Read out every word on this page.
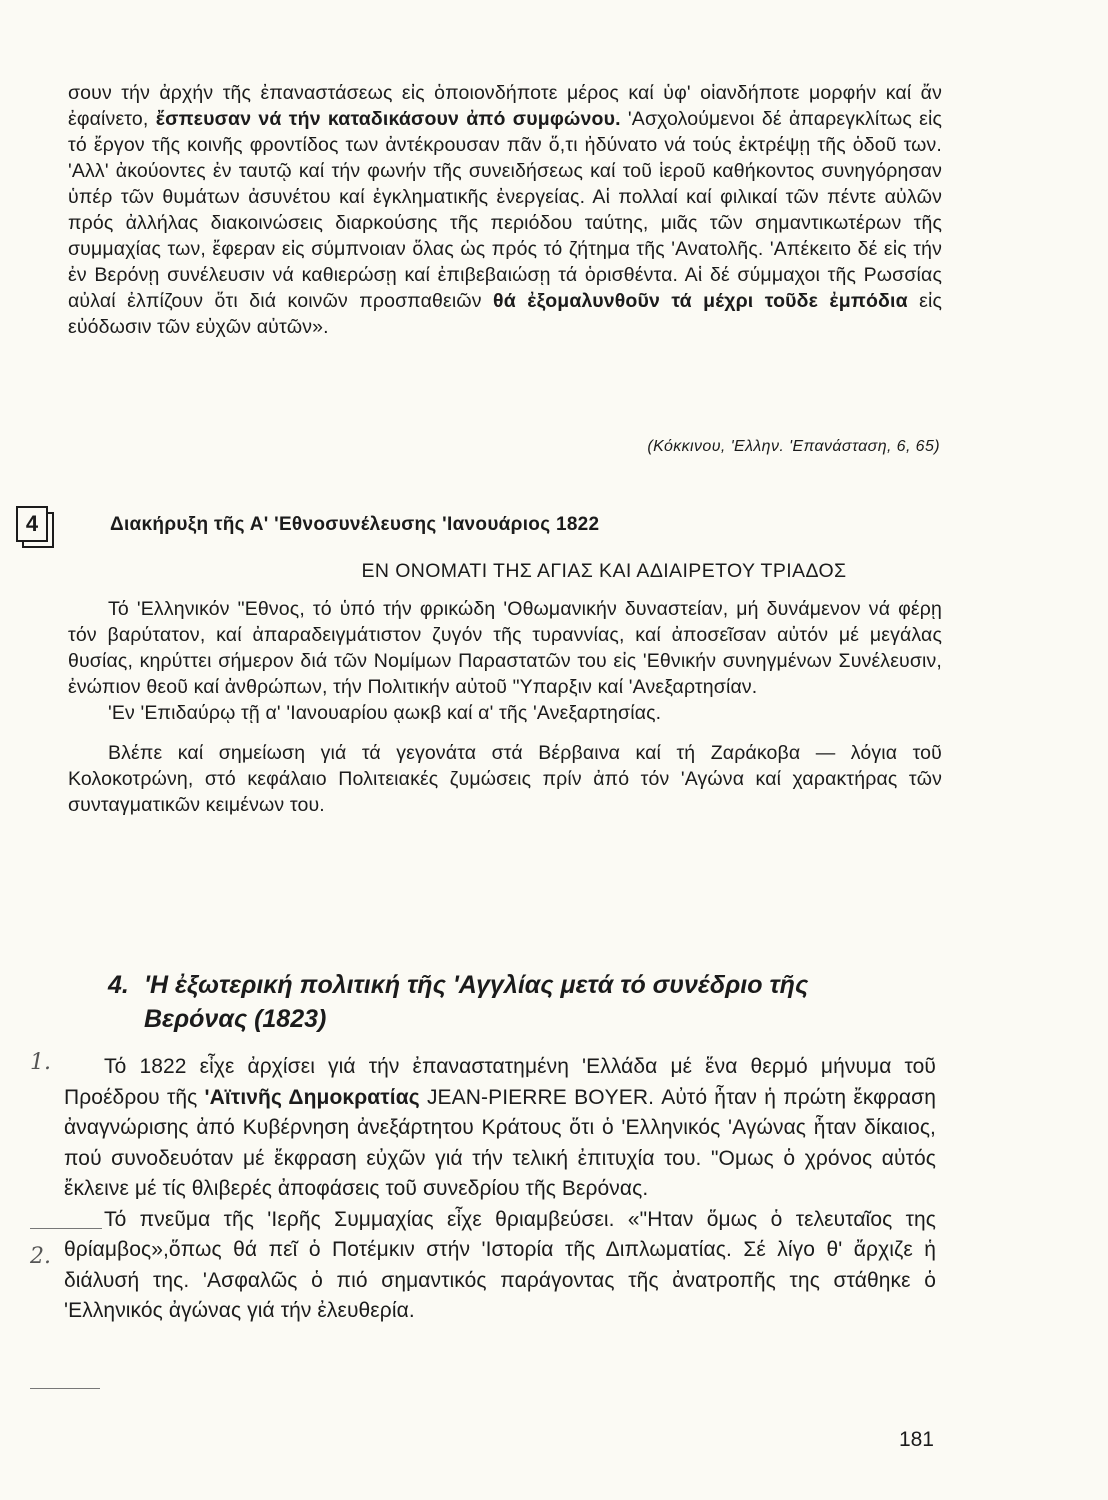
σουν τήν ἀρχήν τῆς ἐπαναστάσεως εἰς ὁποιονδήποτε μέρος καί ὑφ' οἱανδήποτε μορφήν καί ἄν ἐφαίνετο, ἔσπευσαν νά τήν καταδικάσουν ἀπό συμφώνου. 'Ασχολούμενοι δέ ἀπαρεγκλίτως εἰς τό ἔργον τῆς κοινῆς φροντίδος των ἀντέκρουσαν πᾶν ὅ,τι ἠδύνατο νά τούς ἐκτρέψῃ τῆς ὁδοῦ των. 'Αλλ' ἀκούοντες ἐν ταυτῷ καί τήν φωνήν τῆς συνειδήσεως καί τοῦ ἱεροῦ καθήκοντος συνηγόρησαν ὑπέρ τῶν θυμάτων ἀσυνέτου καί ἐγκληματικῆς ἐνεργείας. Αἱ πολλαί καί φιλικαί τῶν πέντε αὐλῶν πρός ἀλλήλας διακοινώσεις διαρκούσης τῆς περιόδου ταύτης, μιᾶς τῶν σημαντικωτέρων τῆς συμμαχίας των, ἔφεραν εἰς σύμπνοιαν ὅλας ὡς πρός τό ζήτημα τῆς 'Ανατολῆς. 'Απέκειτο δέ εἰς τήν ἐν Βερόνῃ συνέλευσιν νά καθιερώσῃ καί ἐπιβεβαιώσῃ τά ὁρισθέντα. Αἱ δέ σύμμαχοι τῆς Ρωσσίας αὐλαί ἐλπίζουν ὅτι διά κοινῶν προσπαθειῶν θά ἐξομαλυνθοῦν τά μέχρι τοῦδε ἐμπόδια εἰς εὐόδωσιν τῶν εὐχῶν αὐτῶν».

(Κόκκινου, 'Ελλην. 'Επανάσταση, 6, 65)
4	Διακήρυξη τῆς Α' 'Εθνοσυνέλευσης 'Ιανουάριος 1822
ΕΝ ΟΝΟΜΑΤΙ ΤΗΣ ΑΓΙΑΣ ΚΑΙ ΑΔΙΑΙΡΕΤΟΥ ΤΡΙΑΔΟΣ

Τό 'Ελληνικόν "Εθνος, τό ὑπό τήν φρικώδη 'Οθωμανικήν δυναστείαν, μή δυνάμενον νά φέρῃ τόν βαρύτατον, καί ἀπαραδειγμάτιστον ζυγόν τῆς τυραννίας, καί ἀποσεῖσαν αὐτόν μέ μεγάλας θυσίας, κηρύττει σήμερον διά τῶν Νομίμων Παραστατῶν του εἰς 'Εθνικήν συνηγμένων Συνέλευσιν, ἐνώπιον θεοῦ καί ἀνθρώπων, τήν Πολιτικήν αὐτοῦ "Υπαρξιν καί 'Ανεξαρτησίαν.

'Εν 'Επιδαύρῳ τῇ α' 'Ιανουαρίου ᾳωκβ καί α' τῆς 'Ανεξαρτησίας.

Βλέπε καί σημείωση γιά τά γεγονάτα στά Βέρβαινα καί τή Ζαράκοβα — λόγια τοῦ Κολοκοτρώνη, στό κεφάλαιο Πολιτειακές ζυμώσεις πρίν ἀπό τόν 'Αγώνα καί χαρακτήρας τῶν συνταγματικῶν κειμένων του.

4. 'Η ἐξωτερική πολιτική τῆς 'Αγγλίας μετά τό συνέδριο τῆς
Βερόνας (1823)

Τό 1822 εἶχε ἀρχίσει γιά τήν ἐπαναστατημένη 'Ελλάδα μέ ἕνα θερμό μήνυμα τοῦ Προέδρου τῆς 'Αϊτινῆς Δημοκρατίας JEAN-PIERRE BOYER. Αὐτό ἦταν ἡ πρώτη ἔκφραση ἀναγνώρισης ἀπό Κυβέρνηση ἀνεξάρτητου Κράτους ὅτι ὁ 'Ελληνικός 'Αγώνας ἦταν δίκαιος, πού συνοδευόταν μέ ἔκφραση εὐχῶν γιά τήν τελική ἐπιτυχία του. "Ομως ὁ χρόνος αὐτός ἔκλεινε μέ τίς θλιβερές ἀποφάσεις τοῦ συνεδρίου τῆς Βερόνας.

Τό πνεῦμα τῆς 'Ιερῆς Συμμαχίας εἶχε θριαμβεύσει. «"Ηταν ὅμως ὁ τελευταῖος της θρίαμβος»,ὅπως θά πεῖ ὁ Ποτέμκιν στήν 'Ιστορία τῆς Διπλωματίας. Σέ λίγο θ' ἄρχιζε ἡ διάλυσή της. 'Ασφαλῶς ὁ πιό σημαντικός παράγοντας τῆς ἀνατροπῆς της στάθηκε ὁ 'Ελληνικός ἀγώνας γιά τήν ἐλευθερία.

1.
2.
181
